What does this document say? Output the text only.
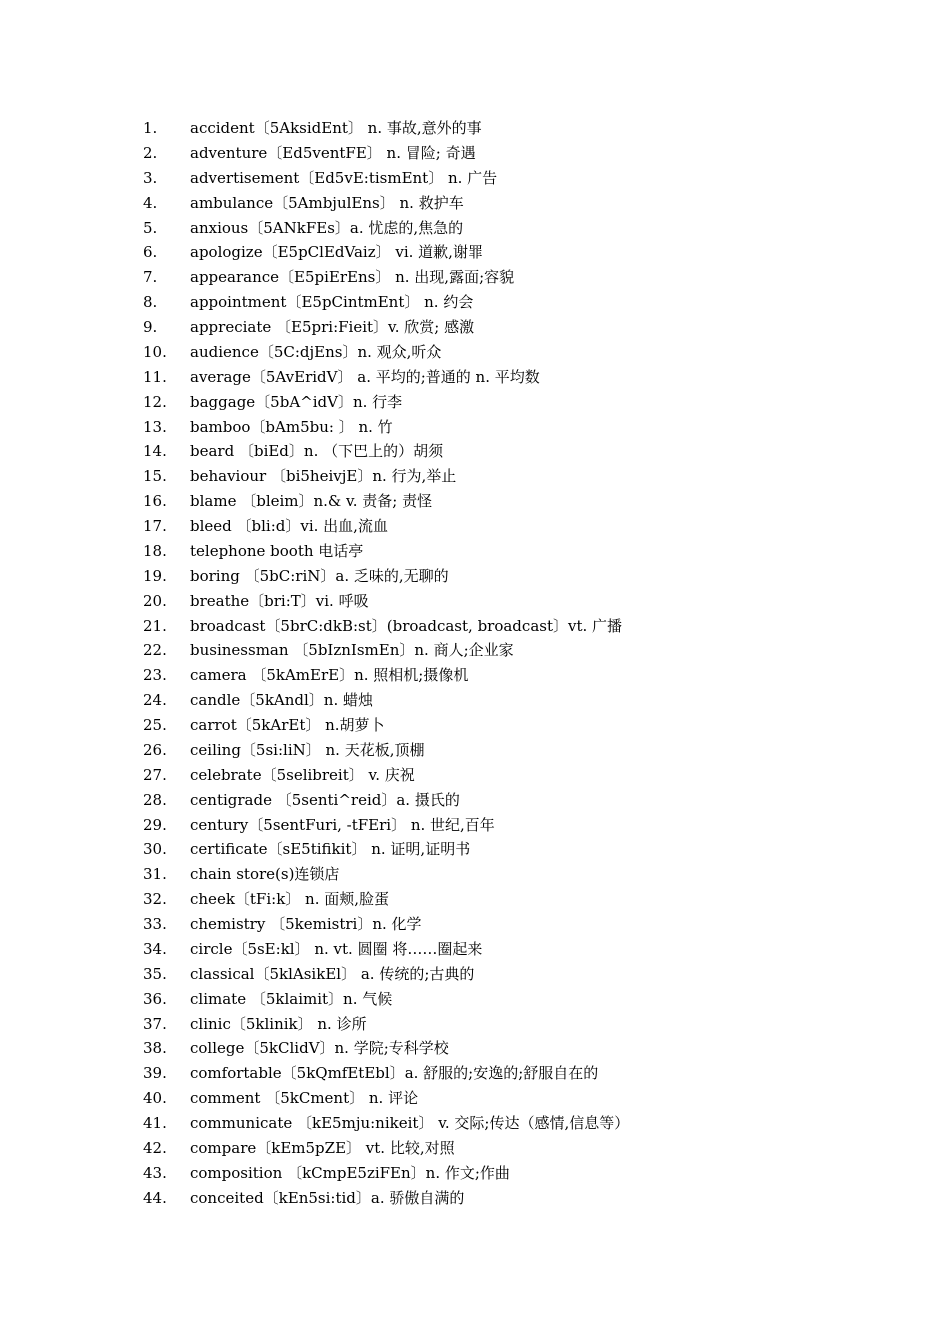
1. accident〔5AksidEnt〕 n. 事故,意外的事
2. adventure〔Ed5ventFE〕 n. 冒险; 奇遇
3. advertisement〔Ed5vE:tismEnt〕 n. 广告
4. ambulance〔5AmbjulEns〕 n. 救护车
5. anxious〔5ANkFEs〕a. 忧虑的,焦急的
6. apologize〔E5pClEdVaiz〕 vi. 道歉,谢罪
7. appearance〔E5piErEns〕 n. 出现,露面;容貌
8. appointment〔E5pCintmEnt〕 n. 约会
9. appreciate 〔E5pri:Fieit〕v. 欣赏; 感激
10. audience〔5C:djEns〕n. 观众,听众
11. average〔5AvEridV〕 a. 平均的;普通的 n. 平均数
12. baggage〔5bA^idV〕n. 行李
13. bamboo〔bAm5bu: 〕 n. 竹
14. beard 〔biEd〕n. （下巴上的）胡须
15. behaviour 〔bi5heivjE〕n. 行为,举止
16. blame 〔bleim〕n.& v. 责备; 责怪
17. bleed 〔bli:d〕vi. 出血,流血
18. telephone booth 电话亭
19. boring 〔5bC:riN〕a. 乏味的,无聊的
20. breathe〔bri:T〕vi. 呼吸
21. broadcast〔5brC:dkB:st〕(broadcast, broadcast〕vt. 广播
22. businessman 〔5bIznIsmEn〕n. 商人;企业家
23. camera 〔5kAmErE〕n. 照相机;摄像机
24. candle〔5kAndl〕n. 蜡烛
25. carrot〔5kArEt〕 n.胡萝卜
26. ceiling〔5si:liN〕 n. 天花板,顶棚
27. celebrate〔5selibreit〕 v. 庆祝
28. centigrade 〔5senti^reid〕a. 摄氏的
29. century〔5sentFuri, -tFEri〕 n. 世纪,百年
30. certificate〔sE5tifikit〕 n. 证明,证明书
31. chain store(s)连锁店
32. cheek〔tFi:k〕 n. 面颊,脸蛋
33. chemistry 〔5kemistri〕n. 化学
34. circle〔5sE:kl〕 n. vt. 圆圈 将……圈起来
35. classical〔5klAsikEl〕 a. 传统的;古典的
36. climate 〔5klaimit〕n. 气候
37. clinic〔5klinik〕 n. 诊所
38. college〔5kClidV〕n. 学院;专科学校
39. comfortable〔5kQmfEtEbl〕a. 舒服的;安逸的;舒服自在的
40. comment 〔5kCment〕 n. 评论
41. communicate 〔kE5mju:nikeit〕 v. 交际;传达（感情,信息等）
42. compare〔kEm5pZE〕 vt. 比较,对照
43. composition 〔kCmpE5ziFEn〕n. 作文;作曲
44. conceited〔kEn5si:tid〕a. 骄傲自满的
